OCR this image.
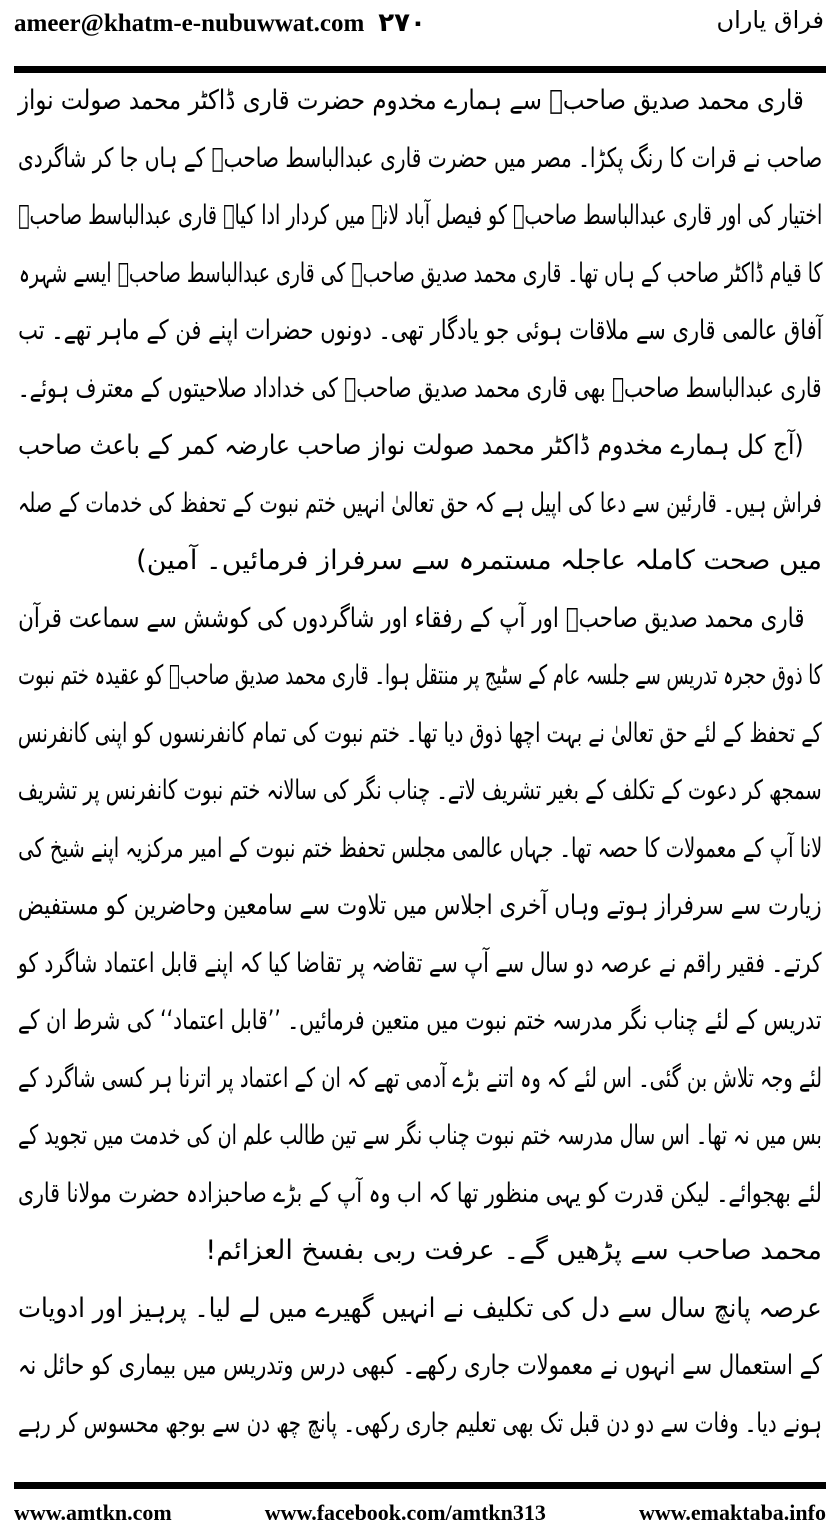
ameer@khatm-e-nubuwwat.com ۲۷۰	فراق یاراں
قاری محمد صدیق صاحبؒ سے ہمارے مخدوم حضرت قاری ڈاکٹر محمد صولت نواز
صاحب نے قرات کا رنگ پکڑا۔ مصر میں حضرت قاری عبدالباسط صاحبؒ کے ہاں جا کر شاگردی
اختیار کی اور قاری عبدالباسط صاحبؒ کو فیصل آباد لانے میں کردار ادا کیا۔ قاری عبدالباسط صاحبؒ
کا قیام ڈاکٹر صاحب کے ہاں تھا۔ قاری محمد صدیق صاحبؒ کی قاری عبدالباسط صاحبؒ ایسے شہرہ
آفاق عالمی قاری سے ملاقات ہوئی جو یادگار تھی۔ دونوں حضرات اپنے فن کے ماہر تھے۔ تب
قاری عبدالباسط صاحبؒ بھی قاری محمد صدیق صاحبؒ کی خداداد صلاحیتوں کے معترف ہوئے۔
(آج کل ہمارے مخدوم ڈاکٹر محمد صولت نواز صاحب عارضہ کمر کے باعث صاحب
فراش ہیں۔ قارئین سے دعا کی اپیل ہے کہ حق تعالیٰ انہیں ختم نبوت کے تحفظ کی خدمات کے صلہ
میں صحت کاملہ عاجلہ مستمرہ سے سرفراز فرمائیں۔ آمین)
قاری محمد صدیق صاحبؒ اور آپ کے رفقاء اور شاگردوں کی کوشش سے سماعت قرآن
کا ذوق حجرہ تدریس سے جلسہ عام کے سٹیج پر منتقل ہوا۔ قاری محمد صدیق صاحبؒ کو عقیدہ ختم نبوت
کے تحفظ کے لئے حق تعالیٰ نے بہت اچھا ذوق دیا تھا۔ ختم نبوت کی تمام کانفرنسوں کو اپنی کانفرنس
سمجھ کر دعوت کے تکلف کے بغیر تشریف لاتے۔ چناب نگر کی سالانہ ختم نبوت کانفرنس پر تشریف
لانا آپ کے معمولات کا حصہ تھا۔ جہاں عالمی مجلس تحفظ ختم نبوت کے امیر مرکزیہ اپنے شیخ کی
زیارت سے سرفراز ہوتے وہاں آخری اجلاس میں تلاوت سے سامعین وحاضرین کو مستفیض
کرتے۔ فقیر راقم نے عرصہ دو سال سے آپ سے تقاضہ پر تقاضا کیا کہ اپنے قابل اعتماد شاگرد کو
تدریس کے لئے چناب نگر مدرسہ ختم نبوت میں متعین فرمائیں۔ ’’قابل اعتماد‘‘ کی شرط ان کے
لئے وجہ تلاش بن گئی۔ اس لئے کہ وہ اتنے بڑے آدمی تھے کہ ان کے اعتماد پر اترنا ہر کسی شاگرد کے
بس میں نہ تھا۔ اس سال مدرسہ ختم نبوت چناب نگر سے تین طالب علم ان کی خدمت میں تجوید کے
لئے بھجوائے۔ لیکن قدرت کو یہی منظور تھا کہ اب وہ آپ کے بڑے صاحبزادہ حضرت مولانا قاری
محمد صاحب سے پڑھیں گے۔ عرفت ربی بفسخ العزائم!
عرصہ پانچ سال سے دل کی تکلیف نے انہیں گھیرے میں لے لیا۔ پرہیز اور ادویات
کے استعمال سے انہوں نے معمولات جاری رکھے۔ کبھی درس وتدریس میں بیماری کو حائل نہ
ہونے دیا۔ وفات سے دو دن قبل تک بھی تعلیم جاری رکھی۔ پانچ چھ دن سے بوجھ محسوس کر رہے
www.amtkn.com	www.facebook.com/amtkn313	www.emaktaba.info
